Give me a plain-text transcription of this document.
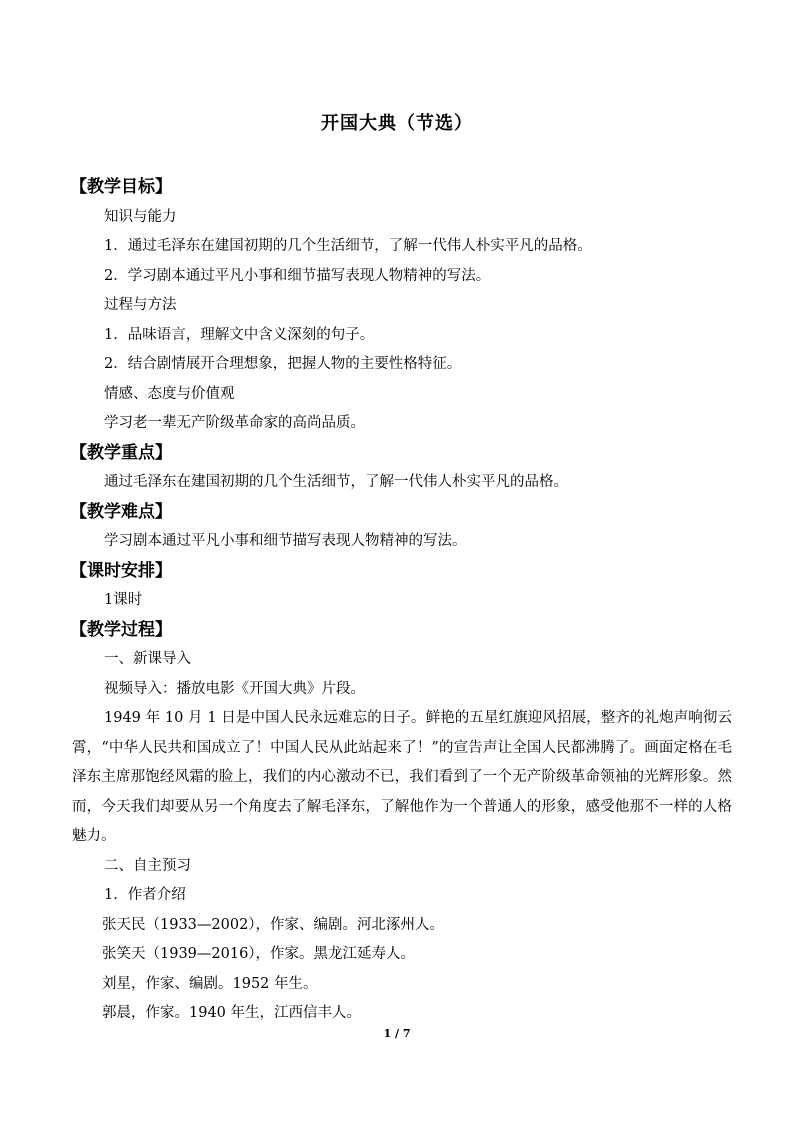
开国大典（节选）
【教学目标】
知识与能力
1．通过毛泽东在建国初期的几个生活细节，了解一代伟人朴实平凡的品格。
2．学习剧本通过平凡小事和细节描写表现人物精神的写法。
过程与方法
1．品味语言，理解文中含义深刻的句子。
2．结合剧情展开合理想象，把握人物的主要性格特征。
情感、态度与价值观
学习老一辈无产阶级革命家的高尚品质。
【教学重点】
通过毛泽东在建国初期的几个生活细节，了解一代伟人朴实平凡的品格。
【教学难点】
学习剧本通过平凡小事和细节描写表现人物精神的写法。
【课时安排】
1课时
【教学过程】
一、新课导入
视频导入：播放电影《开国大典》片段。
1949 年 10 月 1 日是中国人民永远难忘的日子。鲜艳的五星红旗迎风招展，整齐的礼炮声响彻云霄，“中华人民共和国成立了！中国人民从此站起来了！”的宣告声让全国人民都沸腾了。画面定格在毛泽东主席那饱经风霜的脸上，我们的内心激动不已，我们看到了一个无产阶级革命领袖的光辉形象。然而，今天我们却要从另一个角度去了解毛泽东，了解他作为一个普通人的形象，感受他那不一样的人格魅力。
二、自主预习
1．作者介绍
张天民（1933—2002），作家、编剧。河北涿州人。
张笑天（1939—2016），作家。黑龙江延寿人。
刘星，作家、编剧。1952 年生。
郭晨，作家。1940 年生，江西信丰人。
1 / 7
